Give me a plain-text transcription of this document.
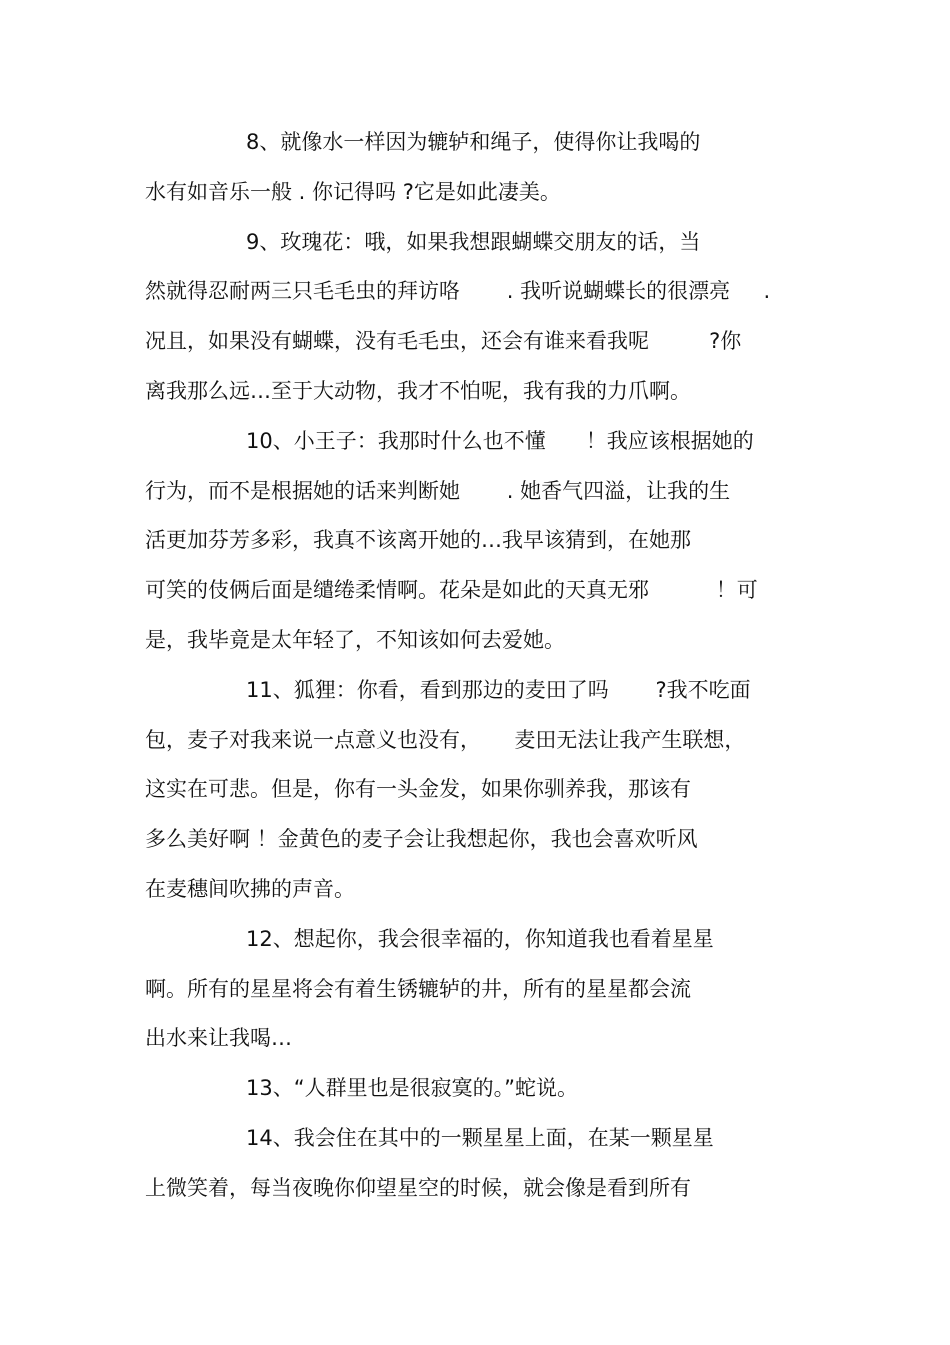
8、就像水一样因为辘轳和绳子，使得你让我喝的
水有如音乐一般 . 你记得吗 ?它是如此凄美。
9、玫瑰花：哦，如果我想跟蝴蝶交朋友的话，当
然就得忍耐两三只毛毛虫的拜访咯       . 我听说蝴蝶长的很漂亮     .
况且，如果没有蝴蝶，没有毛毛虫，还会有谁来看我呢         ?你
离我那么远…至于大动物，我才不怕呢，我有我的力爪啊。
10、小王子：我那时什么也不懂      ！我应该根据她的
行为，而不是根据她的话来判断她       . 她香气四溢，让我的生
活更加芬芳多彩，我真不该离开她的…我早该猜到，在她那
可笑的伎俩后面是缱绻柔情啊。花朵是如此的天真无邪          ！可
是，我毕竟是太年轻了，不知该如何去爱她。
11、狐狸：你看，看到那边的麦田了吗       ?我不吃面
包，麦子对我来说一点意义也没有，     麦田无法让我产生联想，
这实在可悲。但是，你有一头金发，如果你驯养我，那该有
多么美好啊 ！金黄色的麦子会让我想起你，我也会喜欢听风
在麦穗间吹拂的声音。
12、想起你，我会很幸福的，你知道我也看着星星
啊。所有的星星将会有着生锈辘轳的井，所有的星星都会流
出水来让我喝…
13、“人群里也是很寂寞的。”蛇说。
14、我会住在其中的一颗星星上面，在某一颗星星
上微笑着，每当夜晚你仰望星空的时候，就会像是看到所有
